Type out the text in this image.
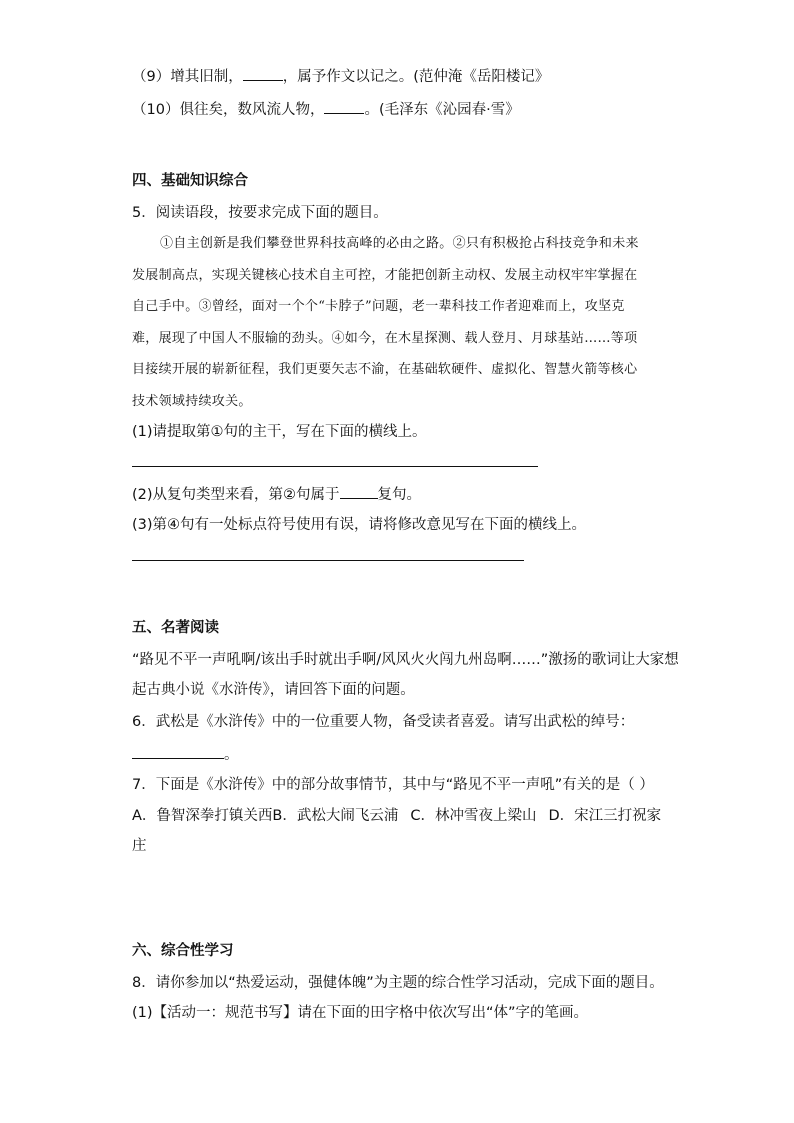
（9）增其旧制，	，属予作文以记之。(范仲淹《岳阳楼记》
（10）俱往矣，数风流人物，	。(毛泽东《沁园春·雪》
四、基础知识综合
5．阅读语段，按要求完成下面的题目。
①自主创新是我们攀登世界科技高峰的必由之路。②只有积极抢占科技竞争和未来
发展制高点，实现关键核心技术自主可控，才能把创新主动权、发展主动权牢牢掌握在
自己手中。③曾经，面对一个个“卡脖子”问题，老一辈科技工作者迎难而上，攻坚克
难，展现了中国人不服输的劲头。④如今，在木星探测、载人登月、月球基站……等项
目接续开展的崭新征程，我们更要矢志不渝，在基础软硬件、虚拟化、智慧火箭等核心
技术领域持续攻关。
(1)请提取第①句的主干，写在下面的横线上。
(2)从复句类型来看，第②句属于	复句。
(3)第④句有一处标点符号使用有误，请将修改意见写在下面的横线上。
五、名著阅读
“路见不平一声吼啊/该出手时就出手啊/风风火火闯九州岛啊……”激扬的歌词让大家想
起古典小说《水浒传》，请回答下面的问题。
6．武松是《水浒传》中的一位重要人物，备受读者喜爱。请写出武松的绰号：
。
7．下面是《水浒传》中的部分故事情节，其中与“路见不平一声吼”有关的是（ ）
A．鲁智深拳打镇关西B．武松大闹飞云浦 C．林冲雪夜上梁山 D．宋江三打祝家
庄
六、综合性学习
8．请你参加以“热爱运动，强健体魄”为主题的综合性学习活动，完成下面的题目。
(1)【活动一：规范书写】请在下面的田字格中依次写出“体”字的笔画。
